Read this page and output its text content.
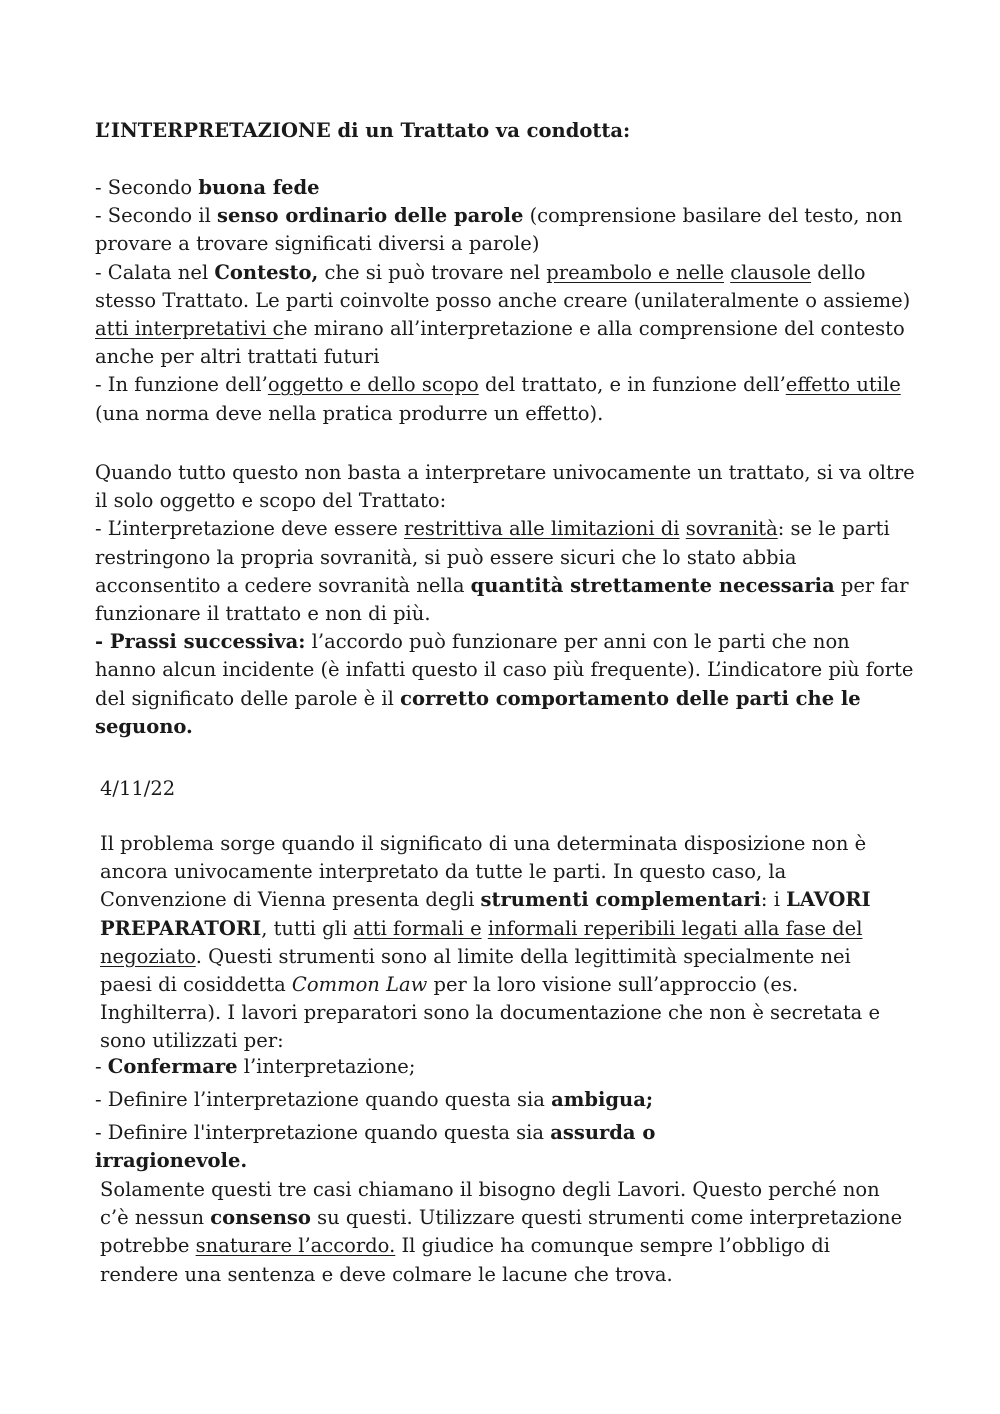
L’INTERPRETAZIONE di un Trattato va condotta:

- Secondo buona fede
- Secondo il senso ordinario delle parole (comprensione basilare del testo, non provare a trovare significati diversi a parole)
- Calata nel Contesto, che si può trovare nel preambolo e nelle clausole dello stesso Trattato. Le parti coinvolte posso anche creare (unilateralmente o assieme) atti interpretativi che mirano all’interpretazione e alla comprensione del contesto anche per altri trattati futuri
- In funzione dell’oggetto e dello scopo del trattato, e in funzione dell’effetto utile (una norma deve nella pratica produrre un effetto).

Quando tutto questo non basta a interpretare univocamente un trattato, si va oltre il solo oggetto e scopo del Trattato:
- L’interpretazione deve essere restrittiva alle limitazioni di sovranità: se le parti restringono la propria sovranità, si può essere sicuri che lo stato abbia acconsentito a cedere sovranità nella quantità strettamente necessaria per far funzionare il trattato e non di più.
- Prassi successiva: l’accordo può funzionare per anni con le parti che non hanno alcun incidente (è infatti questo il caso più frequente). L’indicatore più forte del significato delle parole è il corretto comportamento delle parti che le seguono.

4/11/22

Il problema sorge quando il significato di una determinata disposizione non è ancora univocamente interpretato da tutte le parti. In questo caso, la Convenzione di Vienna presenta degli strumenti complementari: i LAVORI PREPARATORI, tutti gli atti formali e informali reperibili legati alla fase del negoziato. Questi strumenti sono al limite della legittimità specialmente nei paesi di cosiddetta Common Law per la loro visione sull’approccio (es. Inghilterra). I lavori preparatori sono la documentazione che non è secretata e sono utilizzati per:

- Confermare l’interpretazione;

- Definire l’interpretazione quando questa sia ambigua;

- Definire l'interpretazione quando questa sia assurda o irragionevole.

Solamente questi tre casi chiamano il bisogno degli Lavori. Questo perché non c’è nessun consenso su questi. Utilizzare questi strumenti come interpretazione potrebbe snaturare l’accordo. Il giudice ha comunque sempre l’obbligo di rendere una sentenza e deve colmare le lacune che trova.
